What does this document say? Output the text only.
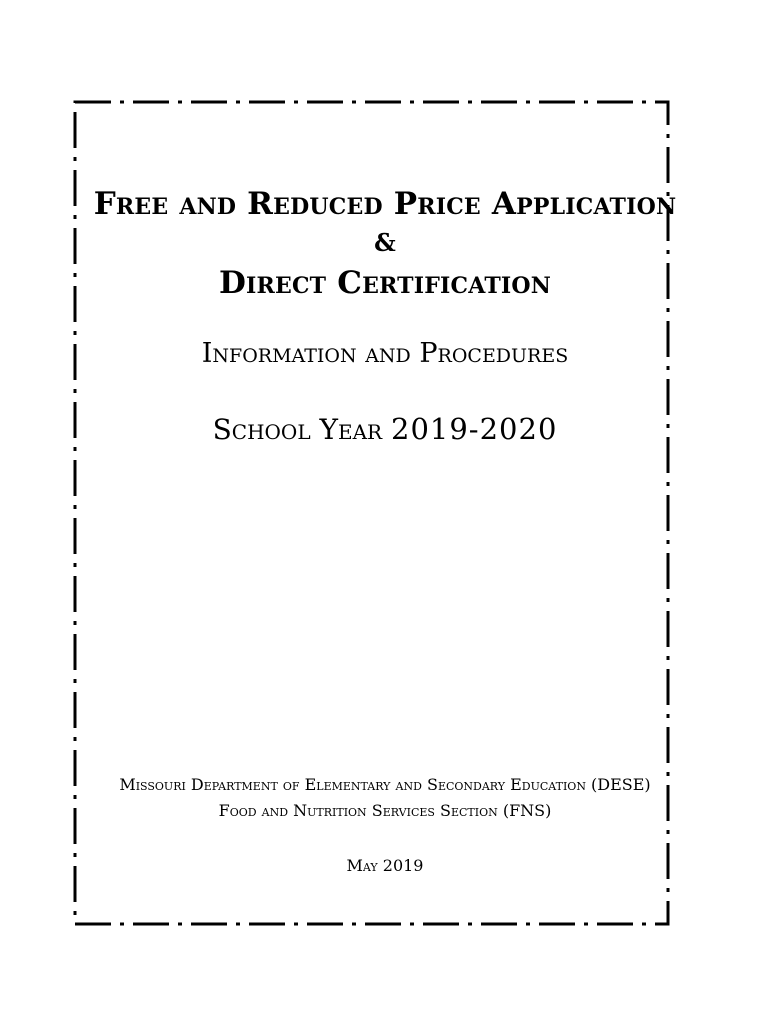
Free and Reduced Price Application
&
Direct Certification
Information and Procedures
School Year 2019-2020
Missouri Department of Elementary and Secondary Education (DESE)
Food and Nutrition Services Section (FNS)
May 2019
